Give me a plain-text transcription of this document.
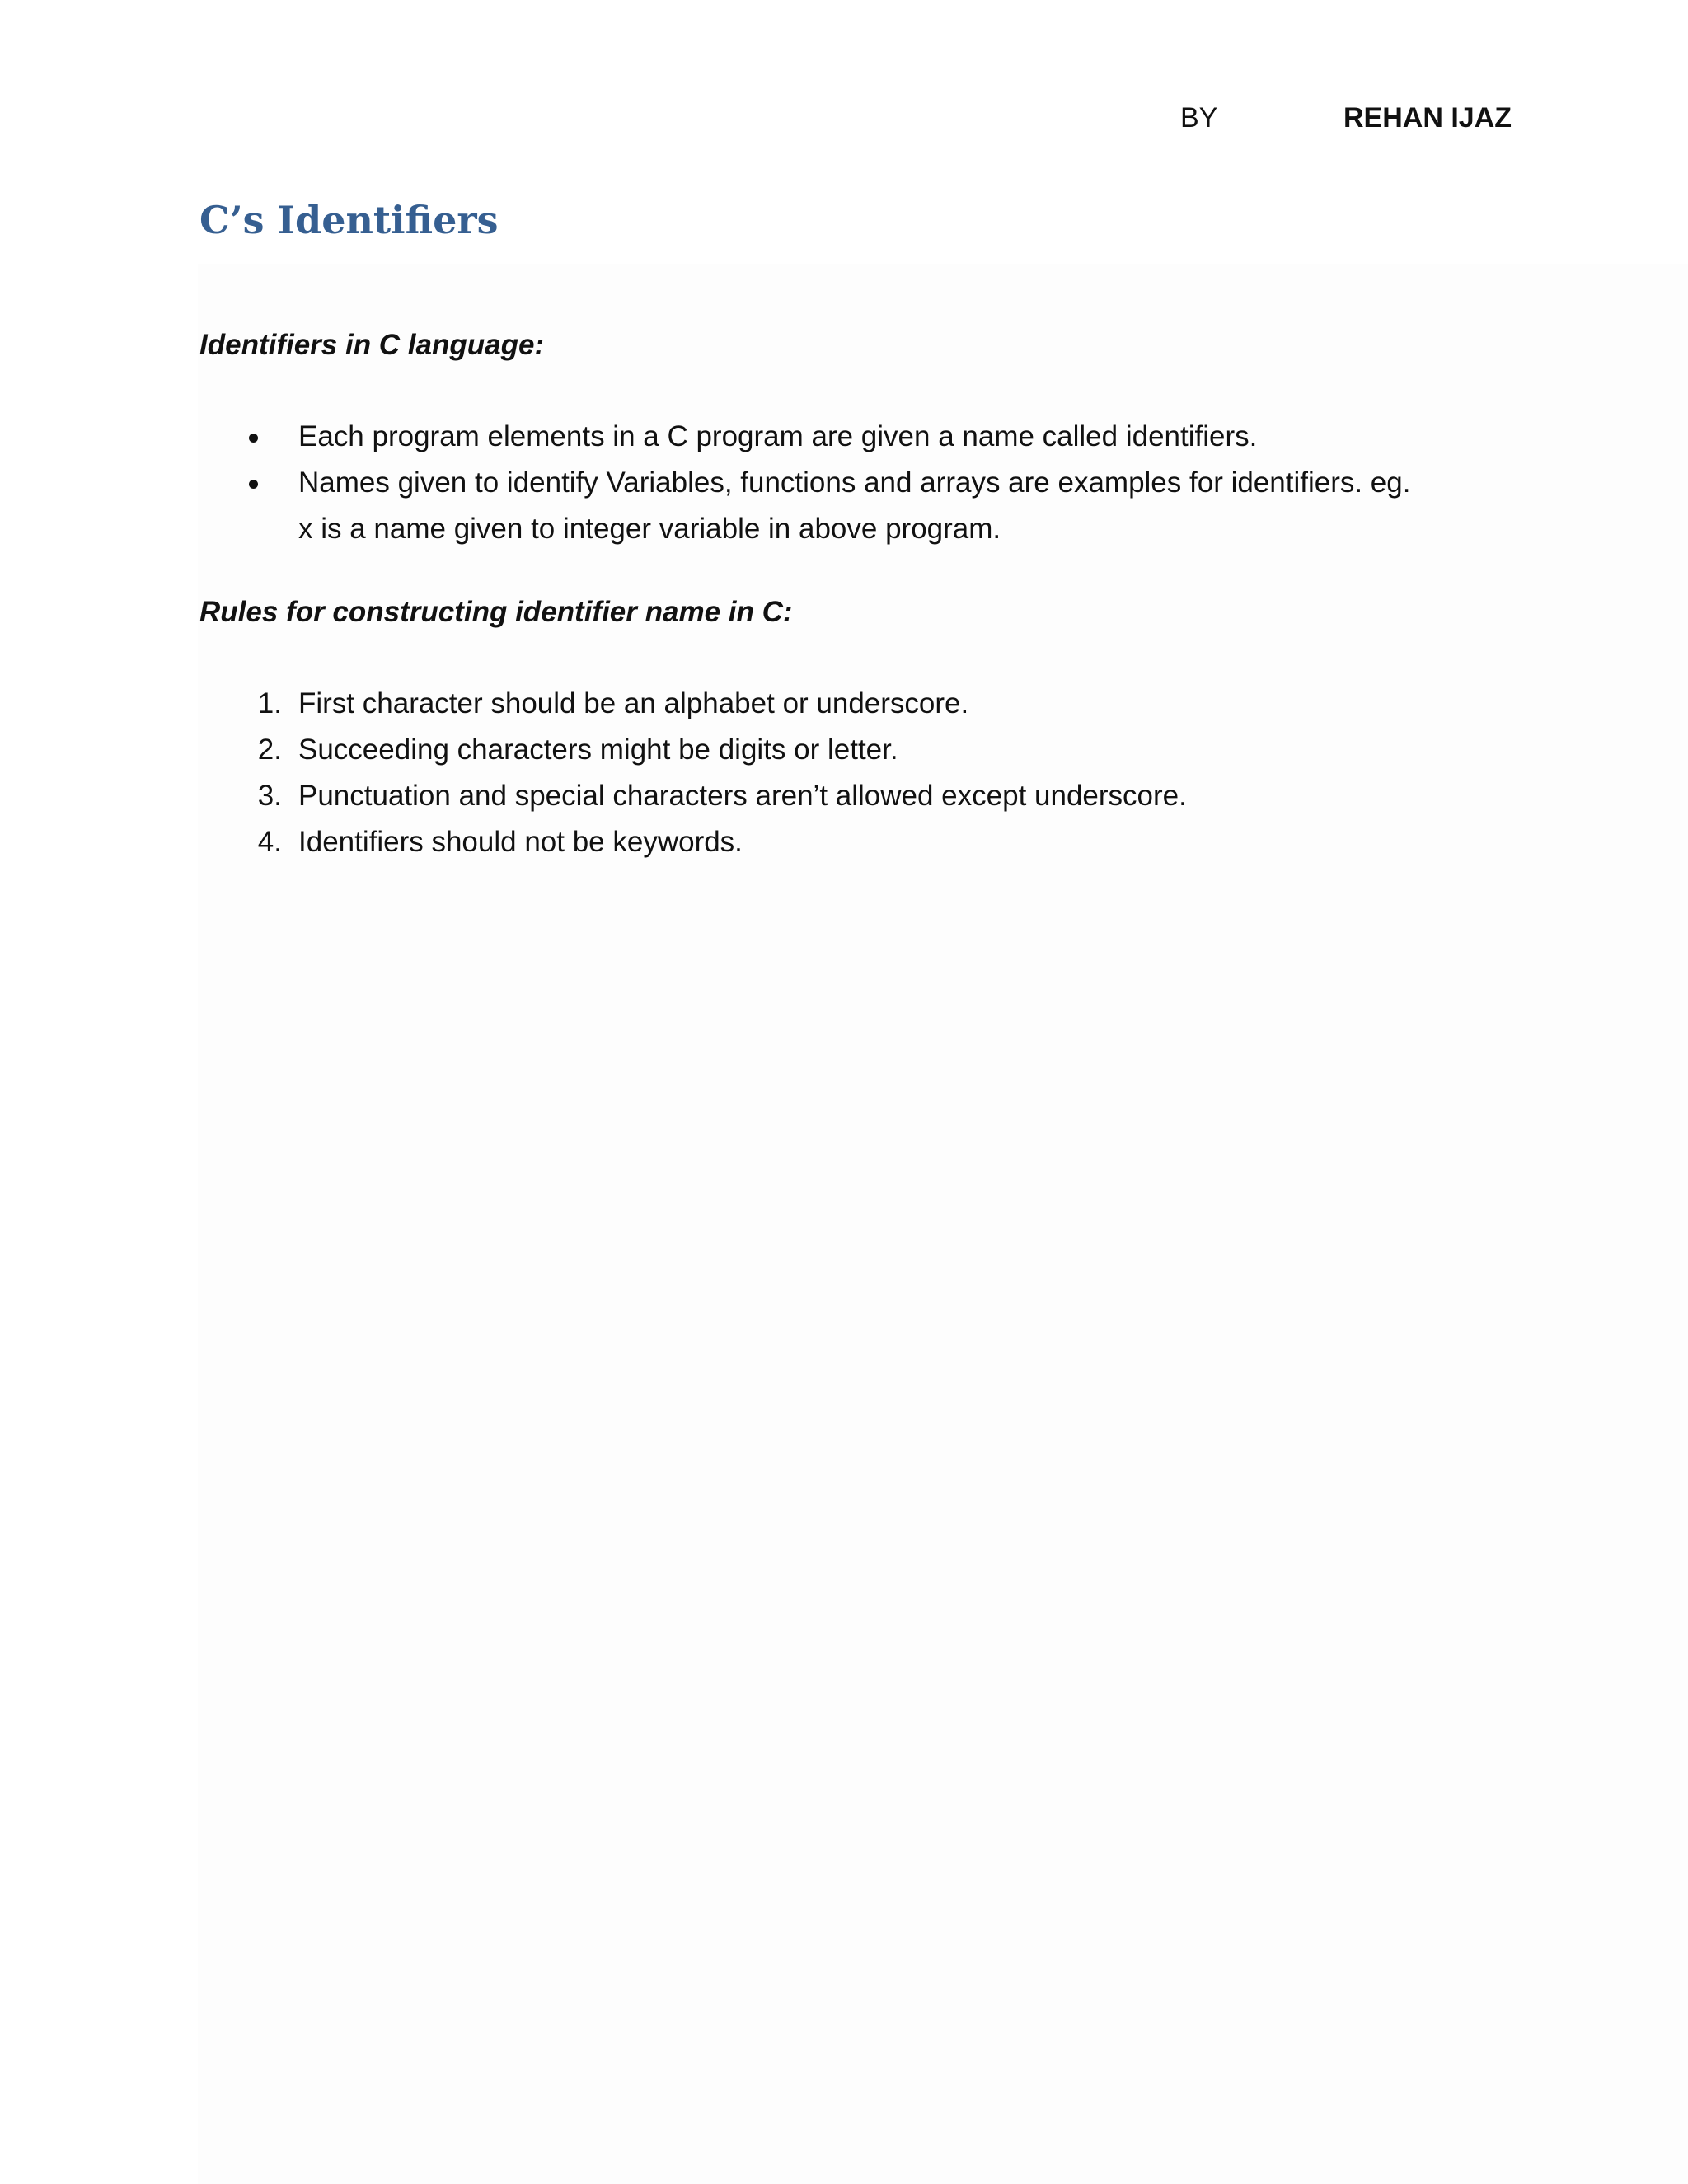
BY	REHAN IJAZ
C’s Identifiers
Identifiers in C language:
Each program elements in a C program are given a name called identifiers.
Names given to identify Variables, functions and arrays are examples for identifiers. eg.
x is a name given to integer variable in above program.
Rules for constructing identifier name in C:
1. First character should be an alphabet or underscore.
2. Succeeding characters might be digits or letter.
3. Punctuation and special characters aren’t allowed except underscore.
4. Identifiers should not be keywords.
